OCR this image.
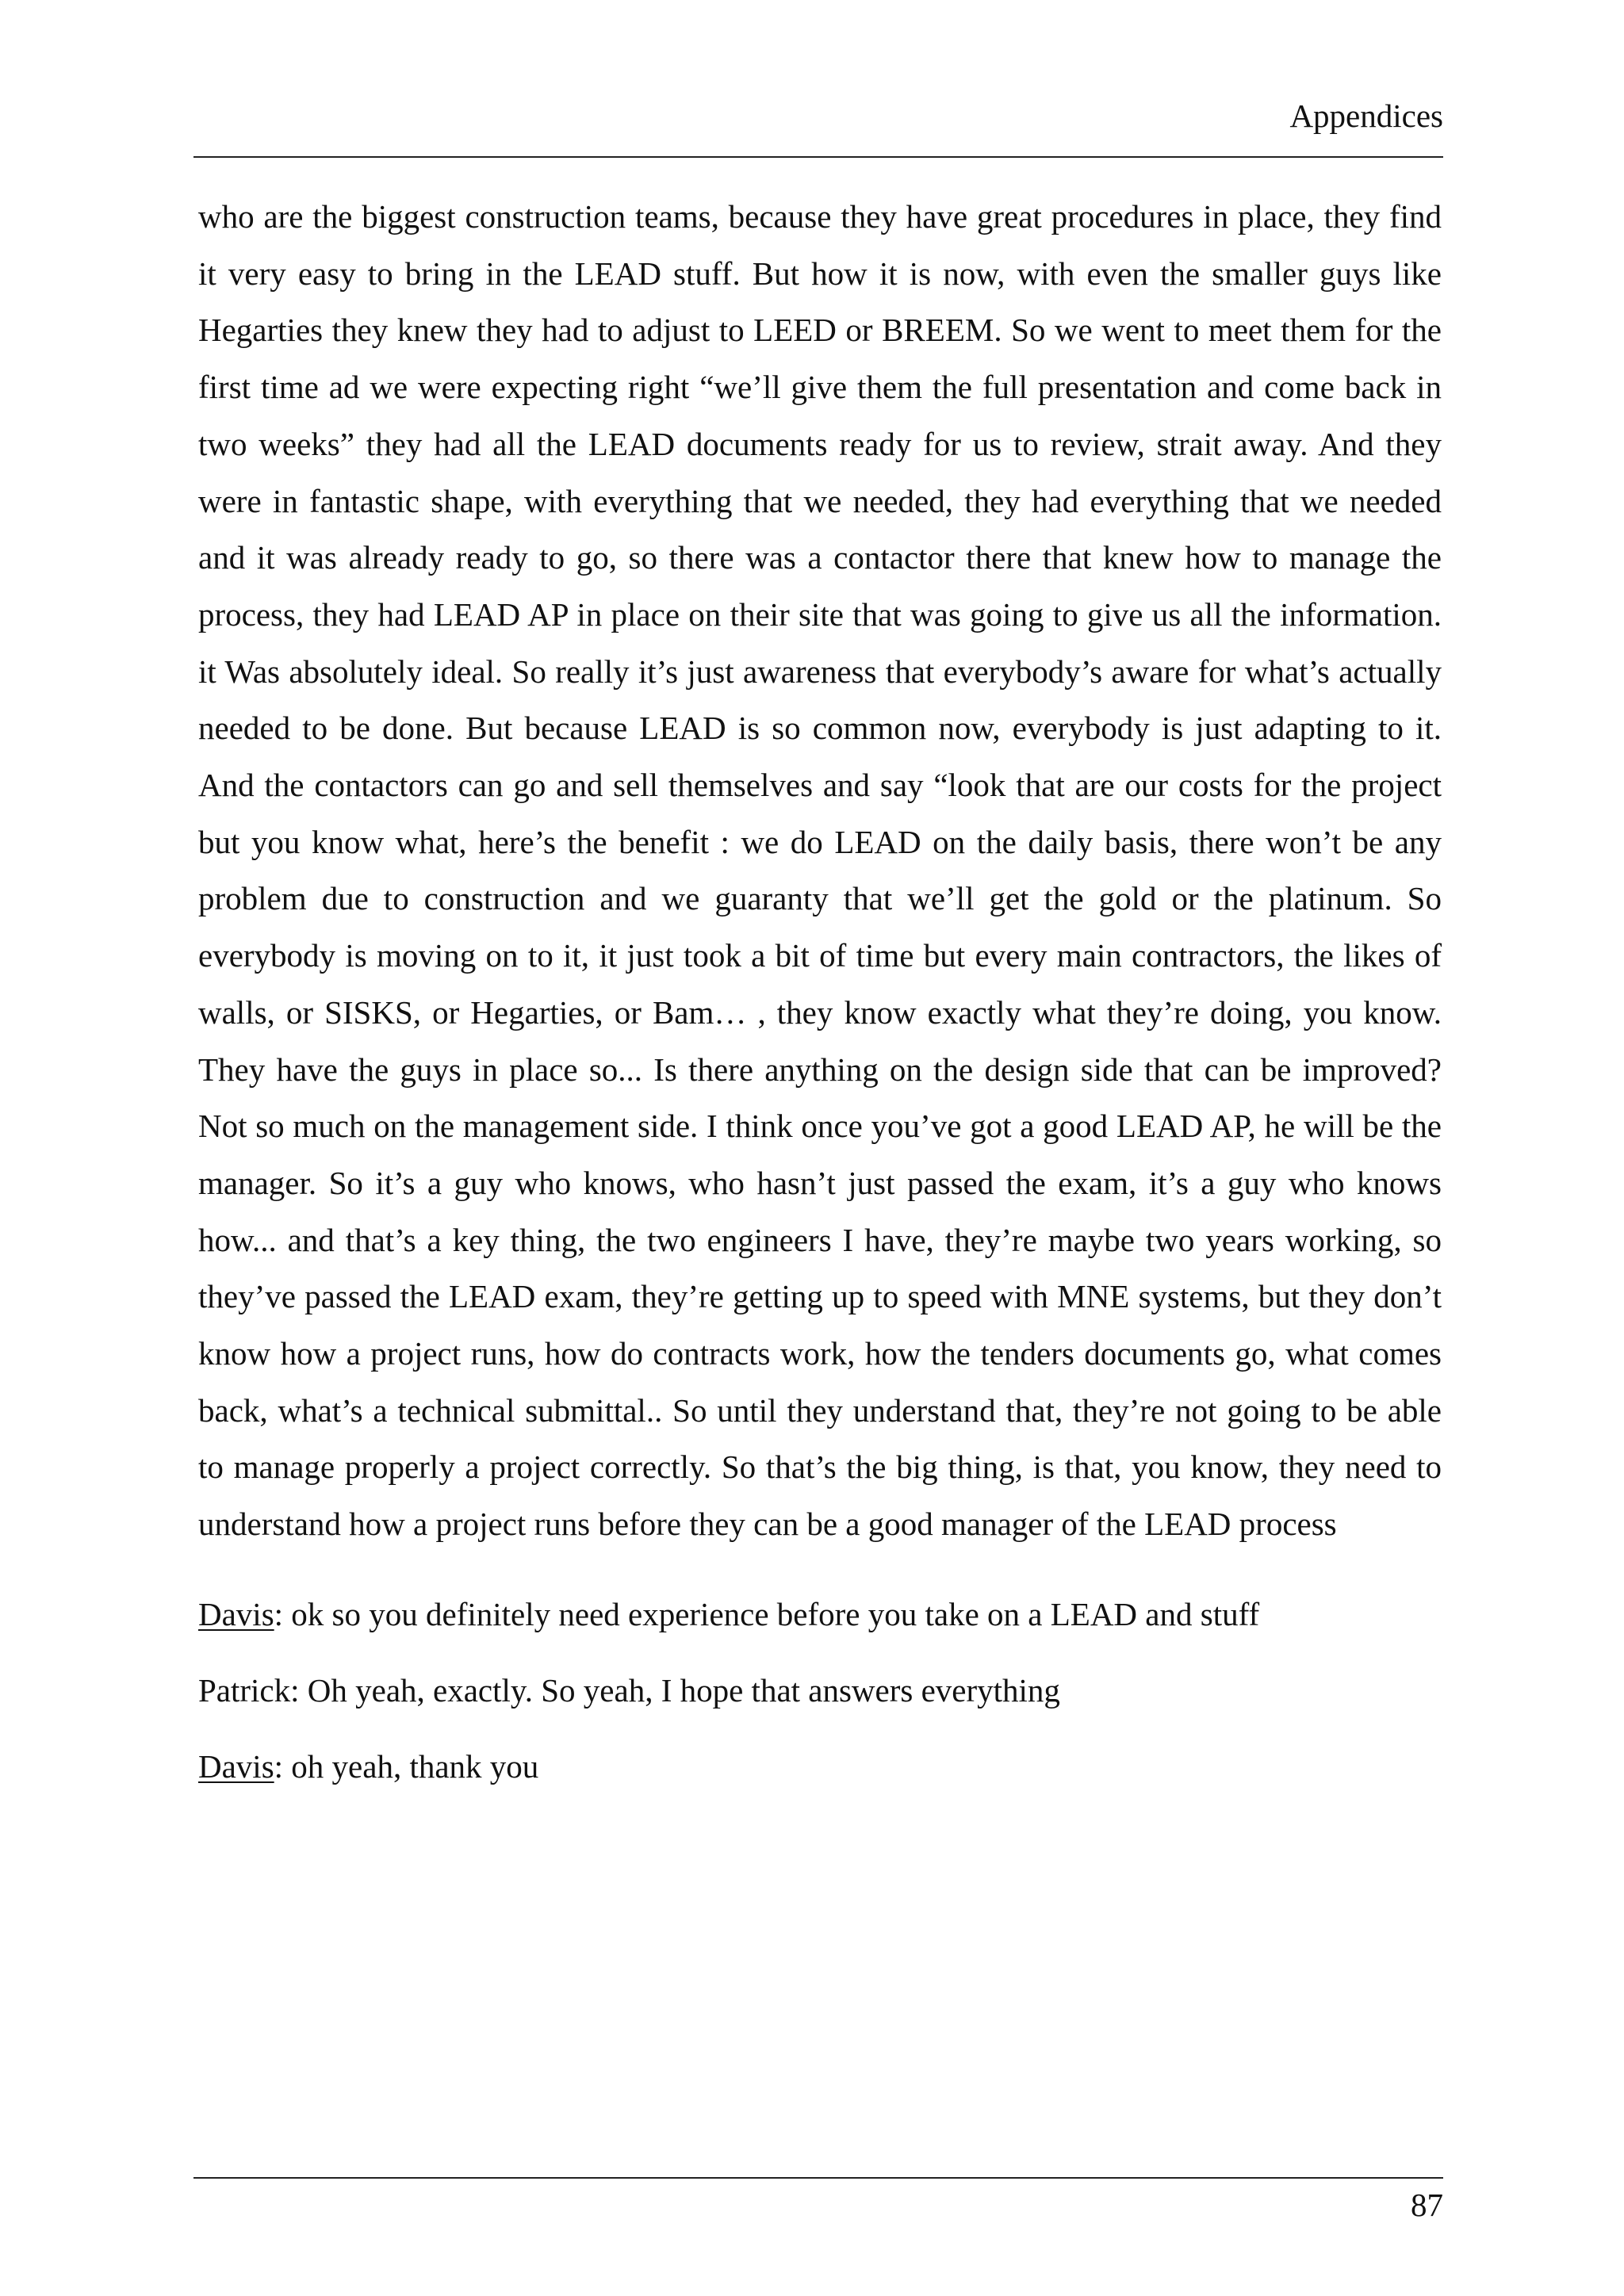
Appendices

who are the biggest construction teams, because they have great procedures in place, they find it very easy to bring in the LEAD stuff. But how it is now, with even the smaller guys like Hegarties they knew they had to adjust to LEED or BREEM. So we went to meet them for the first time ad we were expecting right “we’ll give them the full presentation and come back in two weeks” they had all the LEAD documents ready for us to review, strait away. And they were in fantastic shape, with everything that we needed, they had everything that we needed and it was already ready to go, so there was a contactor there that knew how to manage the process, they had LEAD AP in place on their site that was going to give us all the information. it Was absolutely ideal. So really it’s just awareness that everybody’s aware for what’s actually needed to be done. But because LEAD is so common now, everybody is just adapting to it. And the contactors can go and sell themselves and say “look that are our costs for the project but you know what, here’s the benefit : we do LEAD on the daily basis, there won’t be any problem due to construction and we guaranty that we’ll get the gold or the platinum. So everybody is moving on to it, it just took a bit of time but every main contractors, the likes of walls, or SISKS, or Hegarties, or Bam… , they know exactly what they’re doing, you know. They have the guys in place so... Is there anything on the design side that can be improved? Not so much on the management side. I think once you’ve got a good LEAD AP, he will be the manager. So it’s a guy who knows, who hasn’t just passed the exam, it’s a guy who knows how... and that’s a key thing, the two engineers I have, they’re maybe two years working, so they’ve passed the LEAD exam, they’re getting up to speed with MNE systems, but they don’t know how a project runs, how do contracts work, how the tenders documents go, what comes back, what’s a technical submittal.. So until they understand that, they’re not going to be able to manage properly a project correctly. So that’s the big thing, is that, you know, they need to understand how a project runs before they can be a good manager of the LEAD process

Davis: ok so you definitely need experience before you take on a LEAD and stuff

Patrick: Oh yeah, exactly. So yeah, I hope that answers everything

Davis: oh yeah, thank you

87
